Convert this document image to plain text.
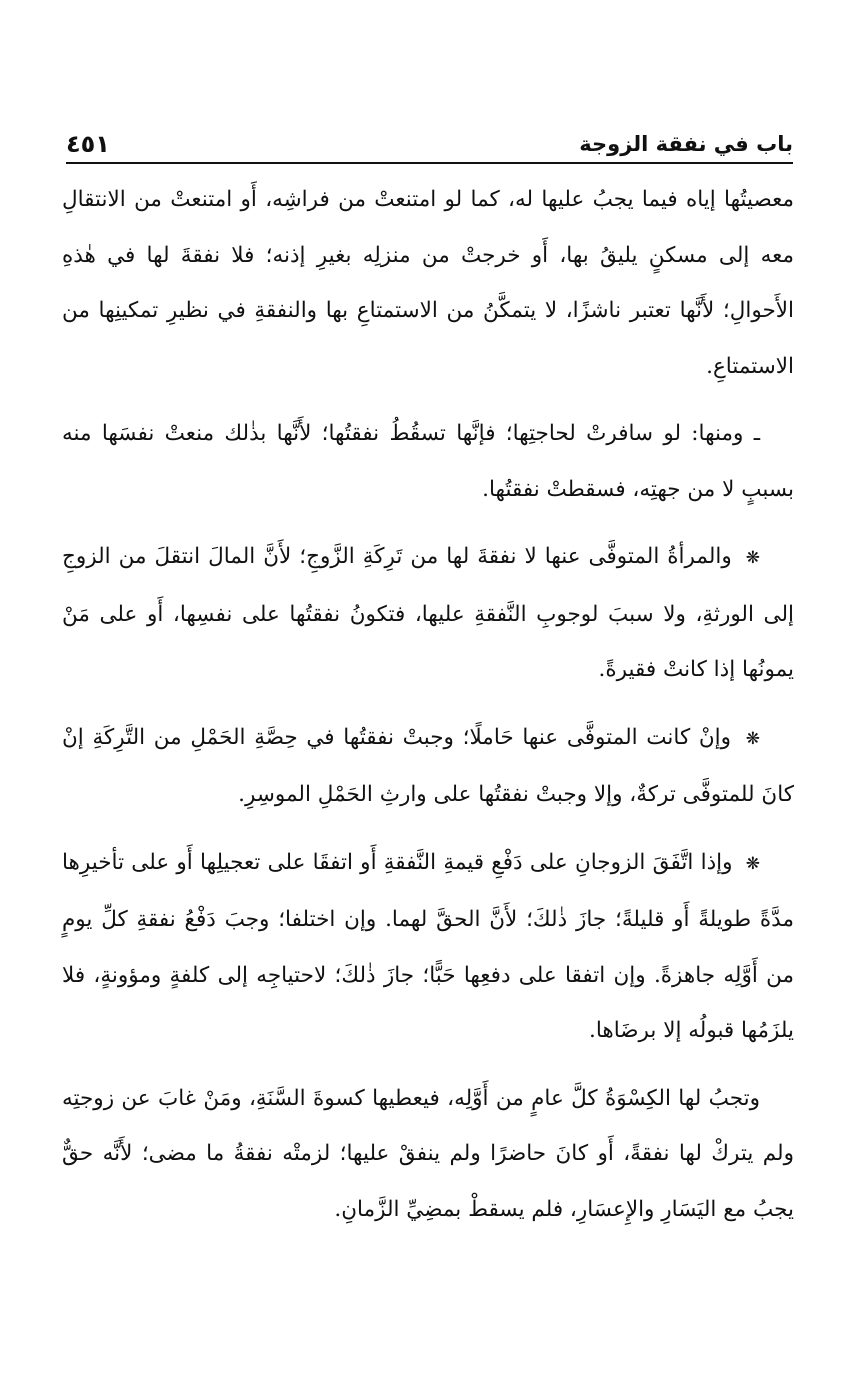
باب في نفقة الزوجة
٤٥١

معصيتُها إياه فيما يجبُ عليها له، كما لو امتنعتْ من فراشِه، أَو امتنعتْ من الانتقالِ معه إلى مسكنٍ يليقُ بها، أَو خرجتْ من منزلِه بغيرِ إذنه؛ فلا نفقةَ لها في هٰذهِ الأَحوالِ؛ لأَنَّها تعتبر ناشزًا، لا يتمكَّنُ من الاستمتاعِ بها والنفقةِ في نظيرِ تمكينِها من الاستمتاعِ.

ـ ومنها: لو سافرتْ لحاجتِها؛ فإنَّها تسقُطُ نفقتُها؛ لأَنَّها بذٰلك منعتْ نفسَها منه بسببٍ لا من جهتِه، فسقطتْ نفقتُها.

❋ والمرأةُ المتوفَّى عنها لا نفقةَ لها من تَرِكَةِ الزَّوجِ؛ لأَنَّ المالَ انتقلَ من الزوجِ إلى الورثةِ، ولا سببَ لوجوبِ النَّفقةِ عليها، فتكونُ نفقتُها على نفسِها، أَو على مَنْ يمونُها إذا كانتْ فقيرةً.

❋ وإنْ كانت المتوفَّى عنها حَاملًا؛ وجبتْ نفقتُها في حِصَّةِ الحَمْلِ من التَّرِكَةِ إنْ كانَ للمتوفَّى تركةٌ، وإلا وجبتْ نفقتُها على وارثِ الحَمْلِ الموسِرِ.

❋ وإذا اتَّفَقَ الزوجانِ على دَفْعِ قيمةِ النَّفقةِ أَو اتفقَا على تعجيلِها أَو على تأخيرِها مدَّةً طويلةً أَو قليلةً؛ جازَ ذٰلكَ؛ لأَنَّ الحقَّ لهما. وإن اختلفا؛ وجبَ دَفْعُ نفقةِ كلِّ يومٍ من أَوَّلِه جاهزةً. وإن اتفقا على دفعِها حَبًّا؛ جازَ ذٰلكَ؛ لاحتياجِه إلى كلفةٍ ومؤونةٍ، فلا يلزَمُها قبولُه إلا برضَاها.

وتجبُ لها الكِسْوَةُ كلَّ عامٍ من أَوَّلِه، فيعطيها كسوةَ السَّنَةِ، ومَنْ غابَ عن زوجتِه ولم يتركْ لها نفقةً، أَو كانَ حاضرًا ولم ينفقْ عليها؛ لزمتْه نفقةُ ما مضى؛ لأَنَّه حقٌّ يجبُ مع اليَسَارِ والإِعسَارِ، فلم يسقطْ بمضِيِّ الزَّمانِ.
